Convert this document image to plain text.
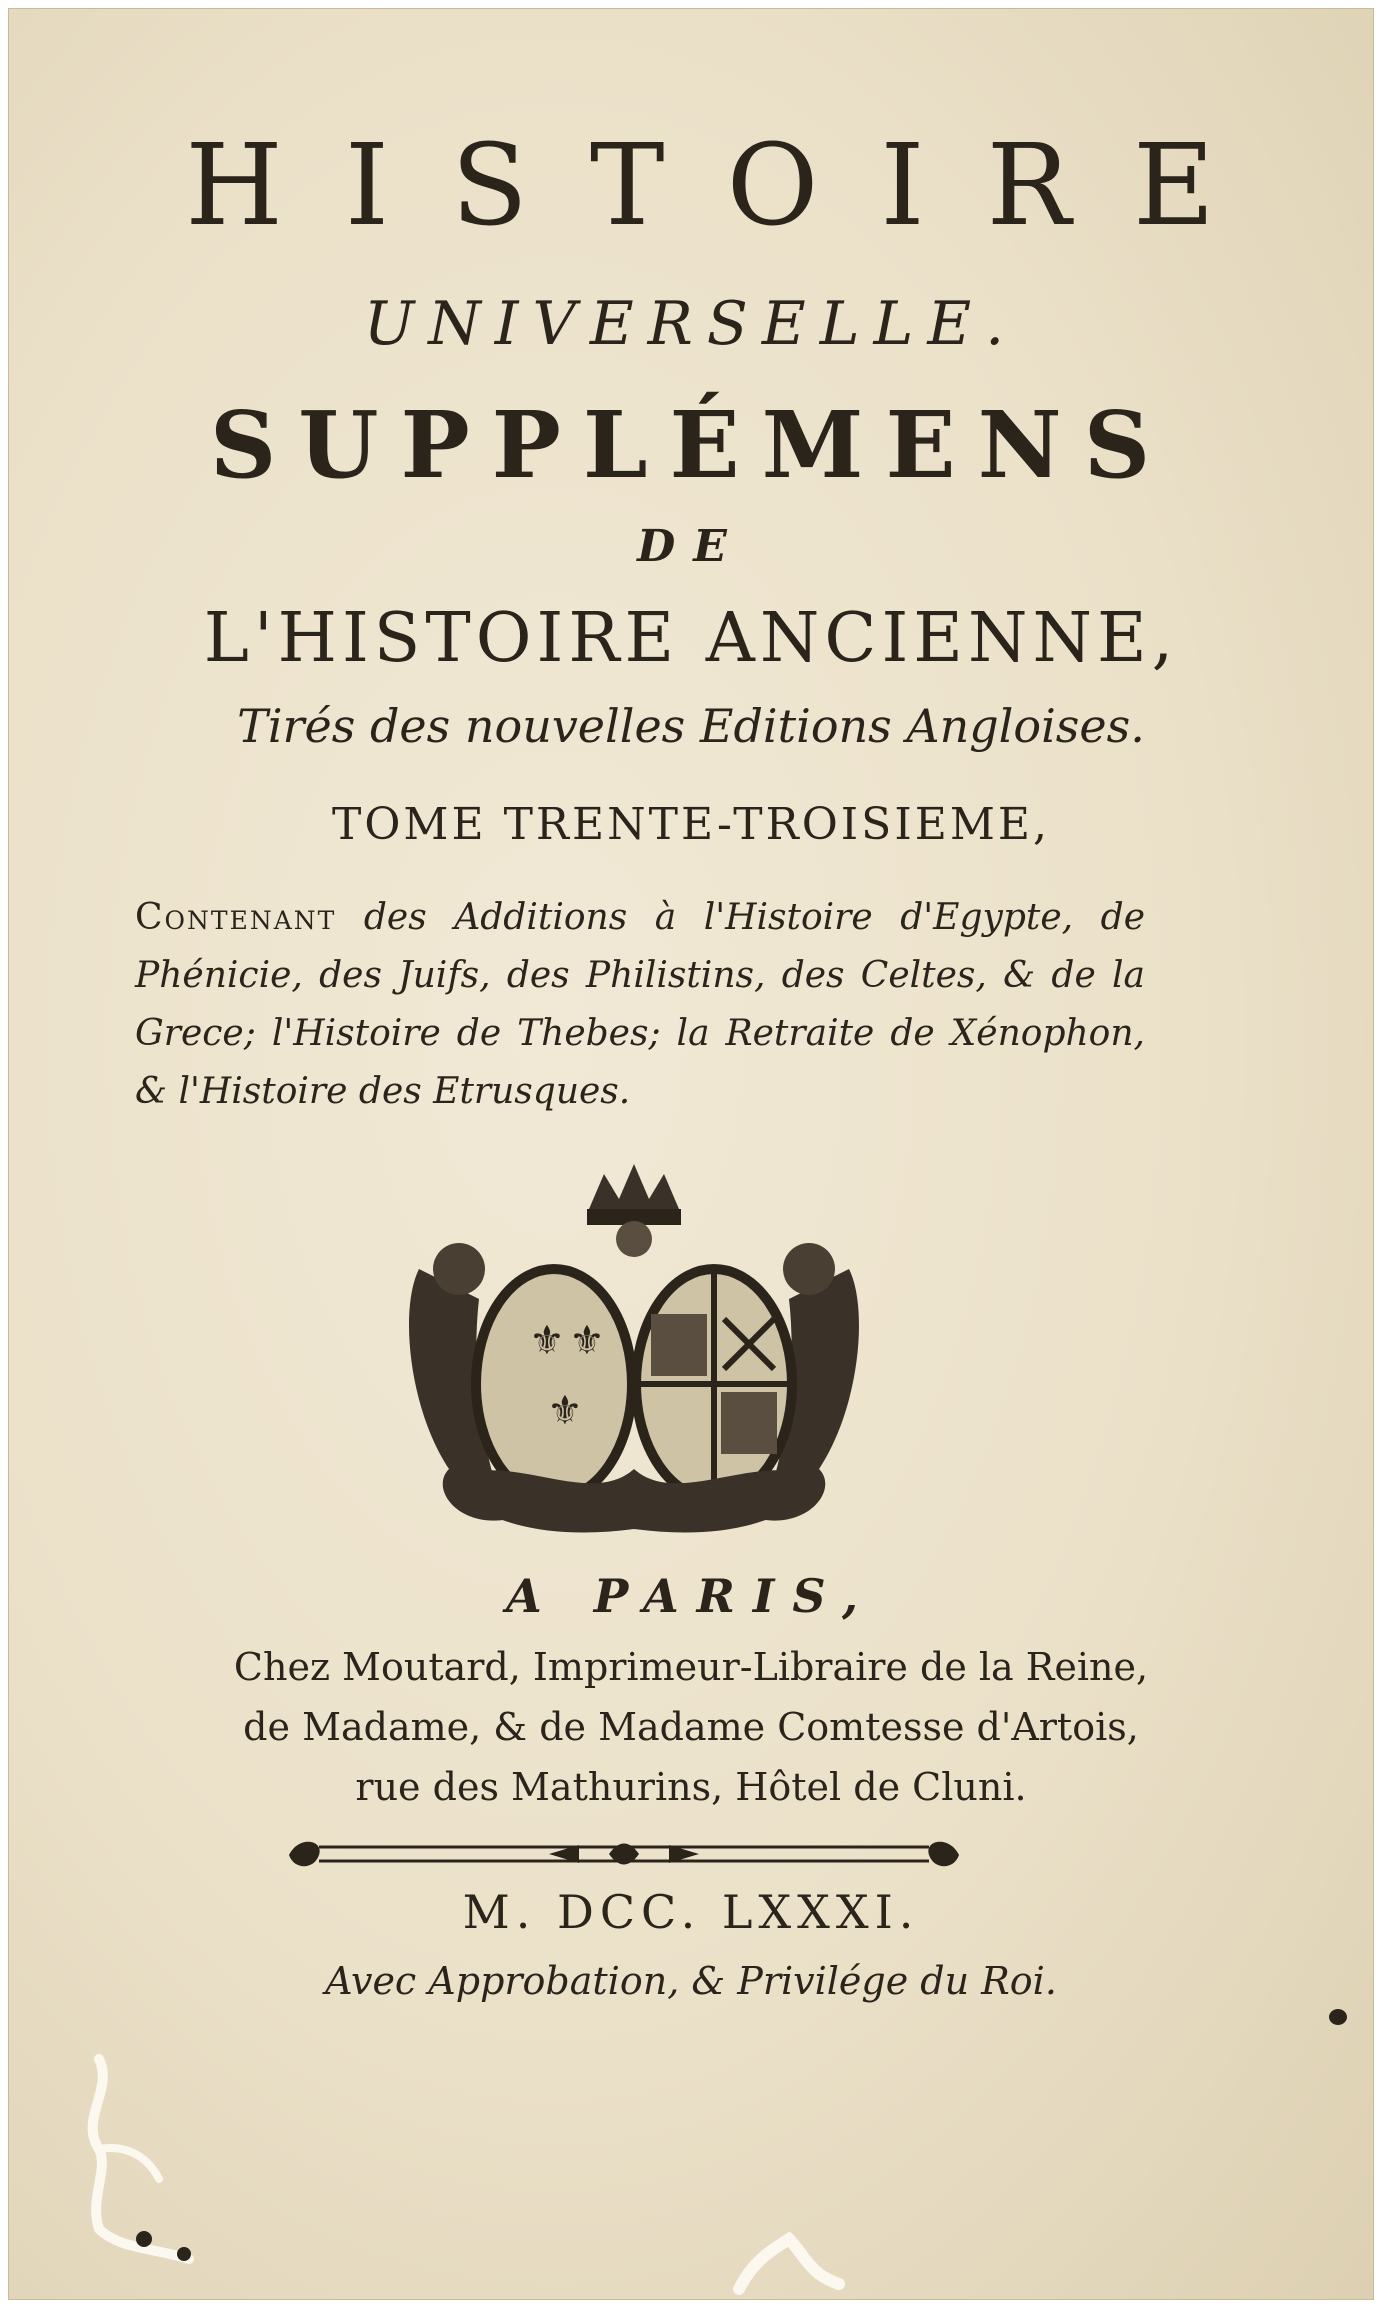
HISTOIRE
UNIVERSELLE.
SUPPLÉMENS
DE
L'HISTOIRE ANCIENNE,
Tirés des nouvelles Editions Angloises.
TOME TRENTE-TROISIEME,
Contenant des Additions à l'Histoire d'Egypte, de Phénicie, des Juifs, des Philistins, des Celtes, & de la Grece; l'Histoire de Thebes; la Retraite de Xénophon, & l'Histoire des Etrusques.
⚜ ⚜
⚜
A PARIS,
Chez Moutard, Imprimeur-Libraire de la Reine,
de Madame, & de Madame Comtesse d'Artois,
rue des Mathurins, Hôtel de Cluni.
M. DCC. LXXXI.
Avec Approbation, & Privilége du Roi.
